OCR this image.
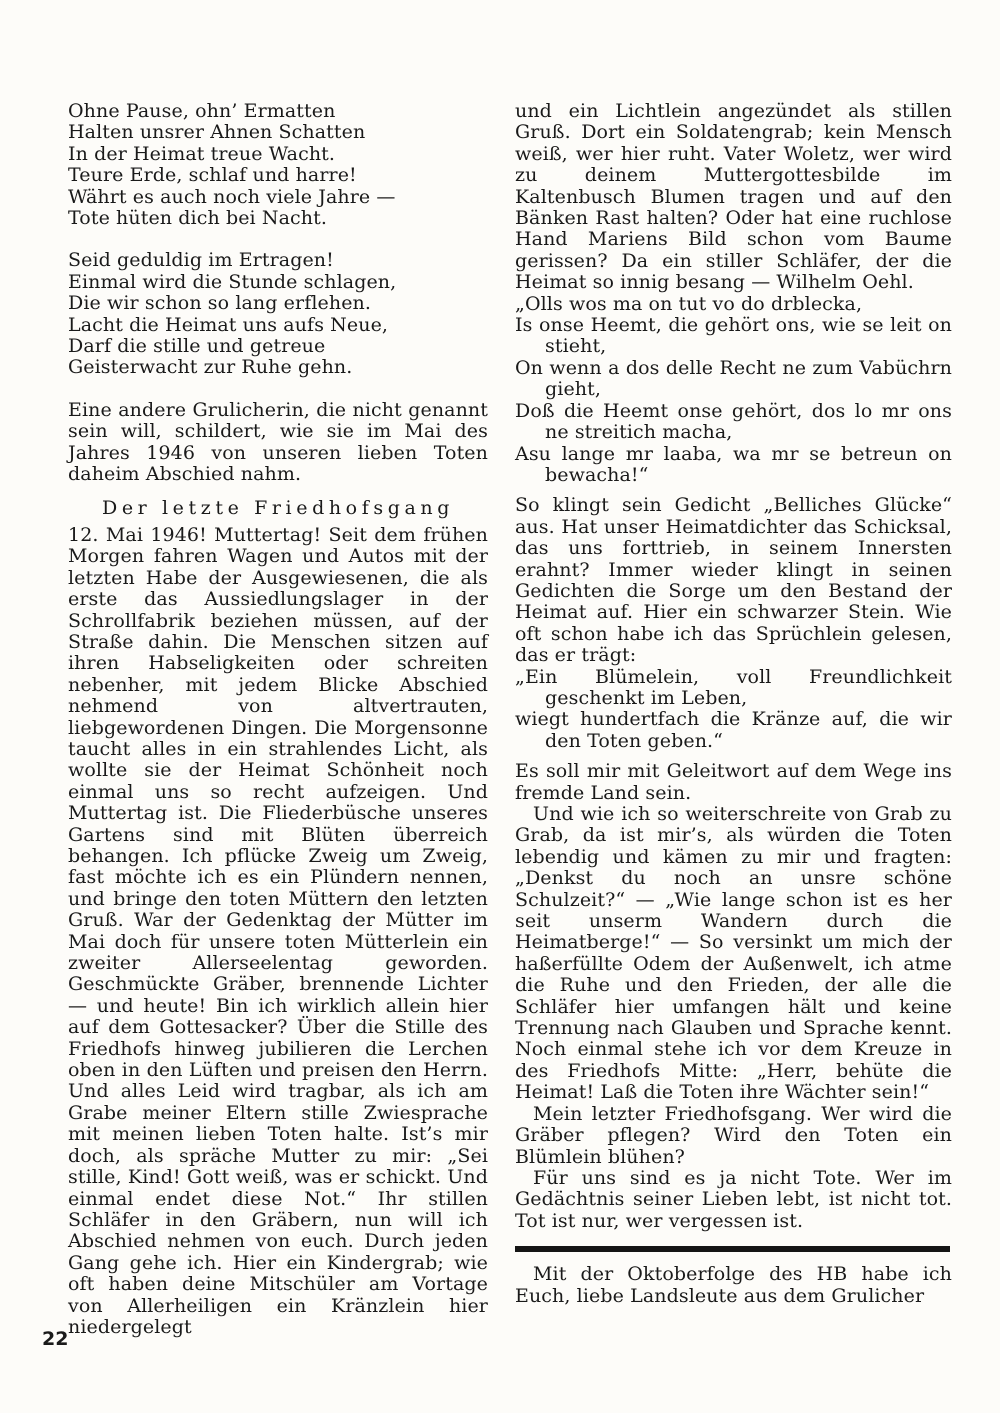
Ohne Pause, ohn’ Ermatten
Halten unsrer Ahnen Schatten
In der Heimat treue Wacht.
Teure Erde, schlaf und harre!
Währt es auch noch viele Jahre —
Tote hüten dich bei Nacht.
Seid geduldig im Ertragen!
Einmal wird die Stunde schlagen,
Die wir schon so lang erflehen.
Lacht die Heimat uns aufs Neue,
Darf die stille und getreue
Geisterwacht zur Ruhe gehn.

Eine andere Grulicherin, die nicht genannt sein will, schildert, wie sie im Mai des Jahres 1946 von unseren lieben Toten daheim Abschied nahm.

Der letzte Friedhofsgang

12. Mai 1946! Muttertag! Seit dem frühen Morgen fahren Wagen und Autos mit der letzten Habe der Ausgewiesenen, die als erste das Aussiedlungslager in der Schrollfabrik beziehen müssen, auf der Straße dahin. Die Menschen sitzen auf ihren Habseligkeiten oder schreiten nebenher, mit jedem Blicke Abschied nehmend von altvertrauten, liebgewordenen Dingen. Die Morgensonne taucht alles in ein strahlendes Licht, als wollte sie der Heimat Schönheit noch einmal uns so recht aufzeigen. Und Muttertag ist. Die Fliederbüsche unseres Gartens sind mit Blüten überreich behangen. Ich pflücke Zweig um Zweig, fast möchte ich es ein Plündern nennen, und bringe den toten Müttern den letzten Gruß. War der Gedenktag der Mütter im Mai doch für unsere toten Mütterlein ein zweiter Allerseelentag geworden. Geschmückte Gräber, brennende Lichter — und heute! Bin ich wirklich allein hier auf dem Gottesacker? Über die Stille des Friedhofs hinweg jubilieren die Lerchen oben in den Lüften und preisen den Herrn. Und alles Leid wird tragbar, als ich am Grabe meiner Eltern stille Zwiesprache mit meinen lieben Toten halte. Ist’s mir doch, als spräche Mutter zu mir: „Sei stille, Kind! Gott weiß, was er schickt. Und einmal endet diese Not.“ Ihr stillen Schläfer in den Gräbern, nun will ich Abschied nehmen von euch. Durch jeden Gang gehe ich. Hier ein Kindergrab; wie oft haben deine Mitschüler am Vortage von Allerheiligen ein Kränzlein hier niedergelegt

und ein Lichtlein angezündet als stillen Gruß. Dort ein Soldatengrab; kein Mensch weiß, wer hier ruht. Vater Woletz, wer wird zu deinem Muttergottesbilde im Kaltenbusch Blumen tragen und auf den Bänken Rast halten? Oder hat eine ruchlose Hand Mariens Bild schon vom Baume gerissen? Da ein stiller Schläfer, der die Heimat so innig besang — Wilhelm Oehl.

„Olls wos ma on tut vo do drblecka,
Is onse Heemt, die gehört ons, wie se leit on stieht,
On wenn a dos delle Recht ne zum Vabüchrn gieht,
Doß die Heemt onse gehört, dos lo mr ons ne streitich macha,
Asu lange mr laaba, wa mr se betreun on bewacha!“

So klingt sein Gedicht „Belliches Glücke“ aus. Hat unser Heimatdichter das Schicksal, das uns forttrieb, in seinem Innersten erahnt? Immer wieder klingt in seinen Gedichten die Sorge um den Bestand der Heimat auf. Hier ein schwarzer Stein. Wie oft schon habe ich das Sprüchlein gelesen, das er trägt:

„Ein Blümelein, voll Freundlichkeit geschenkt im Leben,
wiegt hundertfach die Kränze auf, die wir den Toten geben.“

Es soll mir mit Geleitwort auf dem Wege ins fremde Land sein.

Und wie ich so weiterschreite von Grab zu Grab, da ist mir’s, als würden die Toten lebendig und kämen zu mir und fragten: „Denkst du noch an unsre schöne Schulzeit?“ — „Wie lange schon ist es her seit unserm Wandern durch die Heimatberge!“ — So versinkt um mich der haßerfüllte Odem der Außenwelt, ich atme die Ruhe und den Frieden, der alle die Schläfer hier umfangen hält und keine Trennung nach Glauben und Sprache kennt. Noch einmal stehe ich vor dem Kreuze in des Friedhofs Mitte: „Herr, behüte die Heimat! Laß die Toten ihre Wächter sein!“

Mein letzter Friedhofsgang. Wer wird die Gräber pflegen? Wird den Toten ein Blümlein blühen?

Für uns sind es ja nicht Tote. Wer im Gedächtnis seiner Lieben lebt, ist nicht tot. Tot ist nur, wer vergessen ist.

Mit der Oktoberfolge des HB habe ich Euch, liebe Landsleute aus dem Grulicher

22
